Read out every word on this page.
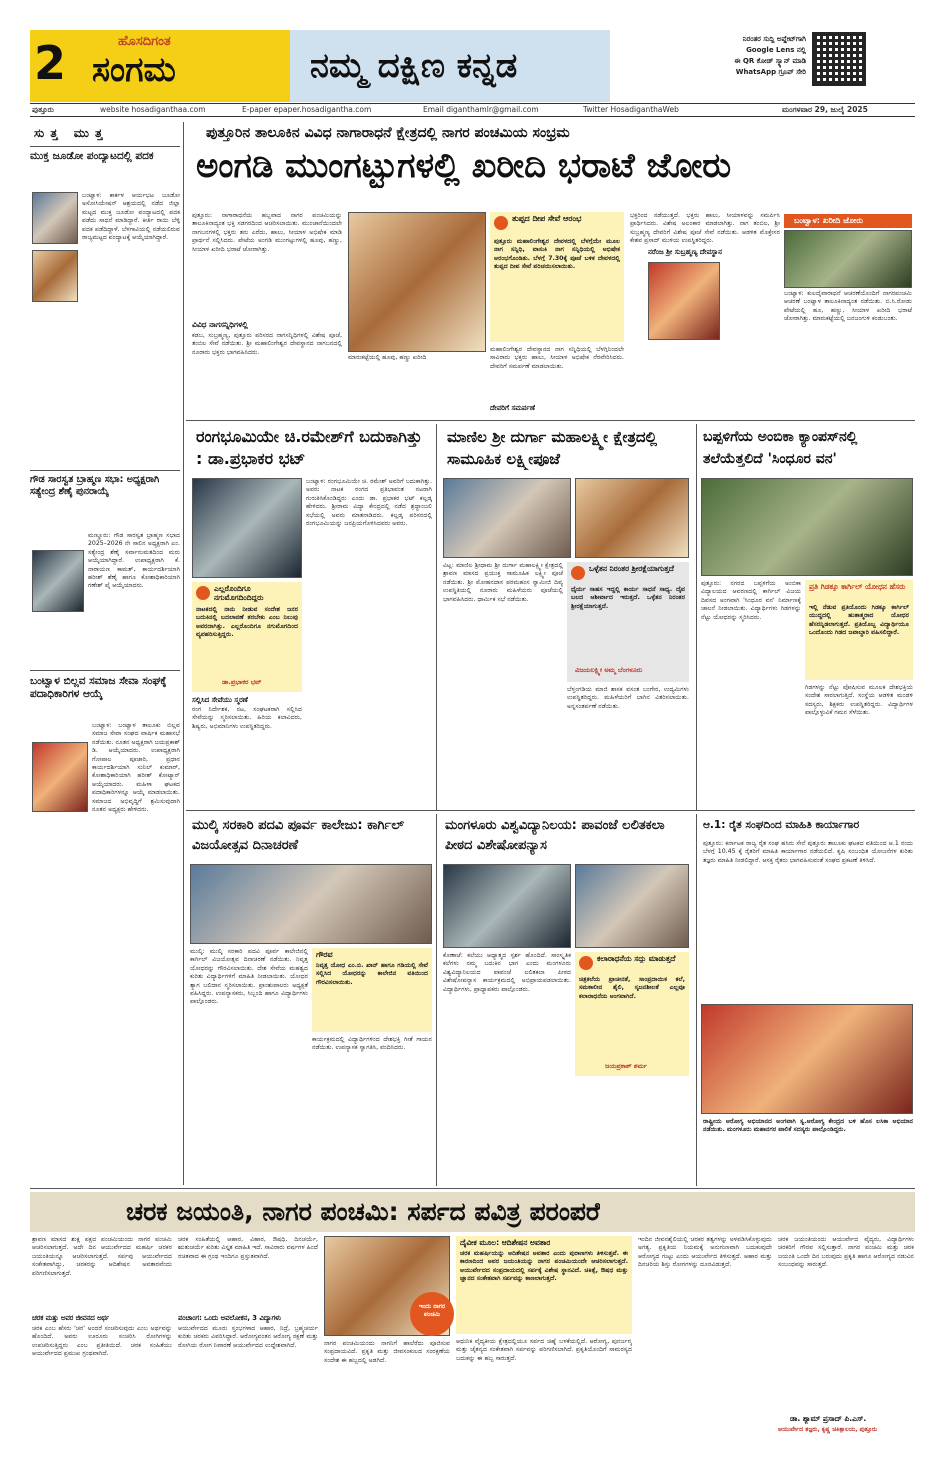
2	ಹೊಸದಿಗಂತ
ಸಂಗಮ	ನಮ್ಮ ದಕ್ಷಿಣ ಕನ್ನಡ
ನಿರಂತರ ಸುದ್ದಿ ಅಪ್ಡೇಟ್‌ಗಾಗಿ
Google Lens ನಲ್ಲಿ
ಈ QR ಕೋಡ್ ಸ್ಕ್ಯಾನ್ ಮಾಡಿ
WhatsApp ಗ್ರೂಪ್ ಸೇರಿ
ಪುತ್ತೂರು	website hosadiganthaa.com	E-paper epaper.hosadigantha.com	Email diganthamlr@gmail.com	Twitter HosadiganthaWeb	ಮಂಗಳವಾರ 29, ಜುಲೈ 2025
ಸುತ್ತ ಮುತ್ತ
ಮುಕ್ತ ಜೂಡೋ ಪಂದ್ಯಾಟದಲ್ಲಿ ಪದಕ
ಬಂಟ್ವಾಳ: ಕಾರ್ಕಳ ಆರ್ಯಭಟ ಜೂಡೋ ಅಸೋಸಿಯೇಷನ್ ಆಶ್ರಯದಲ್ಲಿ ನಡೆದ ಜಿಲ್ಲಾ ಮಟ್ಟದ ಮುಕ್ತ ಜೂಡೋ ಪಂದ್ಯಾಟದಲ್ಲಿ ಪದಕ ಪಡೆದು ಸಾಧನೆ ಮಾಡಿದ್ದಾರೆ. ಕೀರ್ತಿ ರಾಯಿ ಬೆಳ್ಳಿ ಪದಕ ಪಡೆದಿದ್ದಾಳೆ. ಬೆಳಗಾವಿಯಲ್ಲಿ ನಡೆಯಲಿರುವ ರಾಜ್ಯಮಟ್ಟದ ಪಂದ್ಯಾಟಕ್ಕೆ ಆಯ್ಕೆಯಾಗಿದ್ದಾರೆ.
ಗೌಡ ಸಾರಸ್ವತ ಬ್ರಾಹ್ಮಣ ಸಭಾ: ಅಧ್ಯಕ್ಷರಾಗಿ ಸತ್ಯೇಂದ್ರ ಶೆಣೈ ಪುನರಾಯ್ಕೆ
ಮಣ್ಣೂರು: ಗೌಡ ಸಾರಸ್ವತ ಬ್ರಾಹ್ಮಣ ಸಭಾದ 2025–2026 ನೇ ಸಾಲಿನ ಅಧ್ಯಕ್ಷರಾಗಿ ಎಂ. ಸತ್ಯೇಂದ್ರ ಶೆಣೈ ಸರ್ವಾನುಮತದಿಂದ ಮರು ಆಯ್ಕೆಯಾಗಿದ್ದಾರೆ. ಉಪಾಧ್ಯಕ್ಷರಾಗಿ ಕೆ. ನಾರಾಯಣ ಕಾಮತ್, ಕಾರ್ಯದರ್ಶಿಯಾಗಿ ಹರೀಶ್ ಶೆಣೈ ಹಾಗೂ ಕೋಶಾಧಿಕಾರಿಯಾಗಿ ಗಣೇಶ್ ಪೈ ಆಯ್ಕೆಯಾದರು.
ಬಂಟ್ವಾಳ ಬಿಲ್ಲವ ಸಮಾಜ ಸೇವಾ ಸಂಘಕ್ಕೆ ಪದಾಧಿಕಾರಿಗಳ ಆಯ್ಕೆ
ಬಂಟ್ವಾಳ: ಬಂಟ್ವಾಳ ತಾಲೂಕು ಬಿಲ್ಲವ ಸಮಾಜ ಸೇವಾ ಸಂಘದ ವಾರ್ಷಿಕ ಮಹಾಸಭೆ ನಡೆಯಿತು. ನೂತನ ಅಧ್ಯಕ್ಷರಾಗಿ ಜಯಪ್ರಕಾಶ್ ಡಿ. ಆಯ್ಕೆಯಾದರು. ಉಪಾಧ್ಯಕ್ಷರಾಗಿ ಗೋಪಾಲ ಪೂಜಾರಿ, ಪ್ರಧಾನ ಕಾರ್ಯದರ್ಶಿಯಾಗಿ ಸುನಿಲ್ ಕುಮಾರ್, ಕೋಶಾಧಿಕಾರಿಯಾಗಿ ಹರೀಶ್ ಕೋಟ್ಯಾನ್ ಆಯ್ಕೆಯಾದರು. ಮಹಿಳಾ ಘಟಕದ ಪದಾಧಿಕಾರಿಗಳನ್ನೂ ಆಯ್ಕೆ ಮಾಡಲಾಯಿತು. ಸಮಾಜದ ಅಭಿವೃದ್ಧಿಗೆ ಶ್ರಮಿಸುವುದಾಗಿ ನೂತನ ಅಧ್ಯಕ್ಷರು ಹೇಳಿದರು.
ಪುತ್ತೂರಿನ ತಾಲೂಕಿನ ವಿವಿಧ ನಾಗಾರಾಧನೆ ಕ್ಷೇತ್ರದಲ್ಲಿ ನಾಗರ ಪಂಚಮಿಯ ಸಂಭ್ರಮ
ಅಂಗಡಿ ಮುಂಗಟ್ಟುಗಳಲ್ಲಿ ಖರೀದಿ ಭರಾಟೆ ಜೋರು
ಪುತ್ತೂರು: ನಾಗಾರಾಧನೆಯ ಹಬ್ಬವಾದ ನಾಗರ ಪಂಚಮಿಯನ್ನು ತಾಲೂಕಿನಾದ್ಯಂತ ಭಕ್ತಿ ಸಡಗರದಿಂದ ಆಚರಿಸಲಾಯಿತು. ಮುಂಜಾನೆಯಿಂದಲೇ ನಾಗಬನಗಳಲ್ಲಿ ಭಕ್ತರು ತನು ಎರೆದು, ಹಾಲು, ಸೀಯಾಳ ಅಭಿಷೇಕ ಮಾಡಿ ಪ್ರಾರ್ಥನೆ ಸಲ್ಲಿಸಿದರು. ಪೇಟೆಯ ಅಂಗಡಿ ಮುಂಗಟ್ಟುಗಳಲ್ಲಿ ಹೂವು, ಹಣ್ಣು, ಸೀಯಾಳ ಖರೀದಿ ಭರಾಟೆ ಜೋರಾಗಿತ್ತು.
ವಿವಿಧ ನಾಗಸನ್ನಿಧಿಗಳಲ್ಲಿ
ಕಡಬ, ಸುಬ್ರಹ್ಮಣ್ಯ, ಪುತ್ತೂರು ಪರಿಸರದ ನಾಗಸನ್ನಿಧಿಗಳಲ್ಲಿ ವಿಶೇಷ ಪೂಜೆ, ತಂಬಿಲ ಸೇವೆ ನಡೆಯಿತು. ಶ್ರೀ ಮಹಾಲಿಂಗೇಶ್ವರ ದೇವಸ್ಥಾನದ ನಾಗಬನದಲ್ಲಿ ನೂರಾರು ಭಕ್ತರು ಭಾಗವಹಿಸಿದರು.
ಮಾರುಕಟ್ಟೆಯಲ್ಲಿ ಹೂವು, ಹಣ್ಣು ಖರೀದಿ
ತುಪ್ಪದ ದೀಪ ಸೇವೆ ಆರಂಭ
ಪುತ್ತೂರು ಮಹಾಲಿಂಗೇಶ್ವರ ದೇವಳದಲ್ಲಿ ಬೆಳಗ್ಗೆಯೇ ಮೂಲ ನಾಗ ಸನ್ನಿಧಿ, ವಾಸುಕಿ ನಾಗ ಸನ್ನಿಧಿಯಲ್ಲಿ ಅಭಿಷೇಕ ಆರಂಭಗೊಂಡಿತು. ಬೆಳಗ್ಗೆ 7.30ಕ್ಕೆ ಪೂಜೆ ಬಳಿಕ ದೇವಳದಲ್ಲಿ ತುಪ್ಪದ ದೀಪ ಸೇವೆ ಪರಿಚಯಿಸಲಾಯಿತು.
ಮಹಾಲಿಂಗೇಶ್ವರ ದೇವಸ್ಥಾನದ ನಾಗ ಸನ್ನಿಧಿಯಲ್ಲಿ ಬೆಳಗ್ಗಿನಿಂದಲೇ ಸಾವಿರಾರು ಭಕ್ತರು ಹಾಲು, ಸೀಯಾಳ ಅಭಿಷೇಕ ನೆರವೇರಿಸಿದರು. ದೇವರಿಗೆ ಸಮರ್ಪಣೆ ಮಾಡಲಾಯಿತು.
ದೇವರಿಗೆ ಸಮರ್ಪಣೆ
ಭಕ್ತರಿಂದ ನಡೆಯುತ್ತದೆ. ಭಕ್ತರು ಹಾಲು, ಸೀಯಾಳವನ್ನು ಸಮರ್ಪಿಸಿ ಪ್ರಾರ್ಥಿಸಿದರು. ವಿಶೇಷ ಅಲಂಕಾರ ಮಾಡಲಾಗಿತ್ತು. ನಾಗ ತಂಬಿಲ, ಶ್ರೀ ಸುಬ್ರಹ್ಮಣ್ಯ ದೇವರಿಗೆ ವಿಶೇಷ ಪೂಜೆ ಸೇವೆ ನಡೆಯಿತು. ಆಡಳಿತ ಮೊಕ್ತೇಸರ ಕೇಶವ ಪ್ರಸಾದ್ ಮುಳಿಯ ಉಪಸ್ಥಿತರಿದ್ದರು.
ನರೆಂಜ ಶ್ರೀ ಸುಬ್ರಹ್ಮಣ್ಯ ದೇವಸ್ಥಾನ
ಬಂಟ್ವಾಳ: ಖರೀದಿ ಜೋರು
ಬಂಟ್ವಾಳ: ಕುಲದೈವಾರಾಧನೆ ಆಚರಣೆಯೊಂದಿಗೆ ನಾಗರಪಂಚಮಿ ಆಚರಣೆ ಬಂಟ್ವಾಳ ತಾಲೂಕಿನಾದ್ಯಂತ ನಡೆಯಿತು. ಬಿ.ಸಿ.ರೋಡು ಪೇಟೆಯಲ್ಲಿ ಹೂ, ಹಣ್ಣು, ಸೀಯಾಳ ಖರೀದಿ ಭರಾಟೆ ಜೋರಾಗಿತ್ತು. ಮಾರುಕಟ್ಟೆಯಲ್ಲಿ ಜನಜಂಗುಳಿ ಕಂಡುಬಂತು.
ರಂಗಭೂಮಿಯೇ ಚಿ.ರಮೇಶ್‌ಗೆ ಬದುಕಾಗಿತ್ತು : ಡಾ.ಪ್ರಭಾಕರ ಭಟ್
ಬಂಟ್ವಾಳ: ರಂಗಭೂಮಿಯೇ ಚಿ. ರಮೇಶ್ ಅವರಿಗೆ ಬದುಕಾಗಿತ್ತು. ಅವರು ನಾಟಕ ರಂಗದ ಪ್ರತಿಭಾವಂತ ನಟರಾಗಿ ಗುರುತಿಸಿಕೊಂಡಿದ್ದರು ಎಂದು ಡಾ. ಪ್ರಭಾಕರ ಭಟ್ ಕಲ್ಲಡ್ಕ ಹೇಳಿದರು. ಶ್ರೀರಾಮ ವಿದ್ಯಾ ಕೇಂದ್ರದಲ್ಲಿ ನಡೆದ ಶ್ರದ್ಧಾಂಜಲಿ ಸಭೆಯಲ್ಲಿ ಅವರು ಮಾತನಾಡಿದರು. ಕಲ್ಲಡ್ಕ ಪರಿಸರದಲ್ಲಿ ರಂಗಭೂಮಿಯನ್ನು ಜನಪ್ರಿಯಗೊಳಿಸಿದವರು ಅವರು.
ಎಲ್ಲರೊಂದಿಗೂ ನಗುಮೊಗದಿಂದಿದ್ದರು
ನಾಟಕದಲ್ಲಿ ನಾನು ನೀಡುವ ಸಂದೇಶ ಜನರ ಬದುಕಿನಲ್ಲಿ ಬದಲಾವಣೆ ತರಬೇಕು ಎಂಬ ನಿಲುವು ಅವರದಾಗಿತ್ತು. ಎಲ್ಲರೊಂದಿಗೂ ನಗುಮೊಗದಿಂದ ವ್ಯವಹರಿಸುತ್ತಿದ್ದರು.
ಡಾ.ಪ್ರಭಾಕರ ಭಟ್
ಸಲ್ಲಿಸಿದ ಸೇವೆಯು ಸ್ಮರಣೆ
ರಂಗ ನಿರ್ದೇಶಕ, ನಟ, ಸಂಘಟಕರಾಗಿ ಸಲ್ಲಿಸಿದ ಸೇವೆಯನ್ನು ಸ್ಮರಿಸಲಾಯಿತು. ಹಿರಿಯ ಕಲಾವಿದರು, ಶಿಷ್ಯರು, ಅಭಿಮಾನಿಗಳು ಉಪಸ್ಥಿತರಿದ್ದರು.
ಮಾಣಿಲ ಶ್ರೀ ದುರ್ಗಾ ಮಹಾಲಕ್ಷ್ಮೀ ಕ್ಷೇತ್ರದಲ್ಲಿ ಸಾಮೂಹಿಕ ಲಕ್ಷ್ಮೀಪೂಜೆ
ವಿಟ್ಲ: ಮಾಣಿಲ ಶ್ರೀಧಾಮ ಶ್ರೀ ದುರ್ಗಾ ಮಹಾಲಕ್ಷ್ಮೀ ಕ್ಷೇತ್ರದಲ್ಲಿ ಶ್ರಾವಣ ಮಾಸದ ಪ್ರಯುಕ್ತ ಸಾಮೂಹಿಕ ಲಕ್ಷ್ಮೀ ಪೂಜೆ ನಡೆಯಿತು. ಶ್ರೀ ಮೋಹನದಾಸ ಪರಮಹಂಸ ಸ್ವಾಮೀಜಿ ದಿವ್ಯ ಉಪಸ್ಥಿತಿಯಲ್ಲಿ ನೂರಾರು ಮಹಿಳೆಯರು ಪೂಜೆಯಲ್ಲಿ ಭಾಗವಹಿಸಿದರು. ಧಾರ್ಮಿಕ ಸಭೆ ನಡೆಯಿತು.
ಒಳ್ಳೆತನ ನಿರಂತರ ಶ್ರೀರಕ್ಷೆಯಾಗುತ್ತದೆ
ಧೈರ್ಯ ಸಾಹಸ ಇದ್ದಲ್ಲಿ ಕಾರ್ಯ ಸಾಧನೆ ಸಾಧ್ಯ. ದೈವ ಬಲದ ಆಶೀರ್ವಾದ ಇರುತ್ತದೆ. ಒಳ್ಳೆತನ ನಿರಂತರ ಶ್ರೀರಕ್ಷೆಯಾಗುತ್ತದೆ.
ವಿಜಯಲಕ್ಷ್ಮೀ ಅಮ್ಮ ಬೆಂಗಳೂರು
ಬೆಳ್ತಂಗಡಿಯ ಮಾಜಿ ಶಾಸಕ ವಸಂತ ಬಂಗೇರ, ಉದ್ಯಮಿಗಳು ಉಪಸ್ಥಿತರಿದ್ದರು. ಮಹಿಳೆಯರಿಗೆ ಬಾಗಿನ ವಿತರಿಸಲಾಯಿತು. ಅನ್ನಸಂತರ್ಪಣೆ ನಡೆಯಿತು.
ಬಪ್ಪಳಿಗೆಯ ಅಂಬಿಕಾ ಕ್ಯಾಂಪಸ್‌ನಲ್ಲಿ ತಲೆಯೆತ್ತಲಿದೆ 'ಸಿಂಧೂರ ವನ'
ಪುತ್ತೂರು: ನಗರದ ಬಪ್ಪಳಿಗೆಯ ಅಂಬಿಕಾ ವಿದ್ಯಾಲಯದ ಆವರಣದಲ್ಲಿ ಕಾರ್ಗಿಲ್ ವಿಜಯ ದಿವಸದ ಅಂಗವಾಗಿ 'ಸಿಂಧೂರ ವನ' ನಿರ್ಮಾಣಕ್ಕೆ ಚಾಲನೆ ನೀಡಲಾಯಿತು. ವಿದ್ಯಾರ್ಥಿಗಳು ಗಿಡಗಳನ್ನು ನೆಟ್ಟು ಯೋಧರನ್ನು ಸ್ಮರಿಸಿದರು.
ಪ್ರತಿ ಗಿಡಕ್ಕೂ ಕಾರ್ಗಿಲ್ ಯೋಧನ ಹೆಸರು
ಇಲ್ಲಿ ನೆಡುವ ಪ್ರತಿಯೊಂದು ಗಿಡಕ್ಕೂ ಕಾರ್ಗಿಲ್ ಯುದ್ಧದಲ್ಲಿ ಹುತಾತ್ಮರಾದ ಯೋಧರ ಹೆಸರನ್ನಿಡಲಾಗುತ್ತದೆ. ಪ್ರತಿಯೊಬ್ಬ ವಿದ್ಯಾರ್ಥಿಯೂ ಒಂದೊಂದು ಗಿಡದ ಜವಾಬ್ದಾರಿ ವಹಿಸಲಿದ್ದಾರೆ.
ಗಿಡಗಳನ್ನು ನೆಟ್ಟು ಪೋಷಿಸುವ ಮೂಲಕ ದೇಶಭಕ್ತಿಯ ಸಂದೇಶ ಸಾರಲಾಗುತ್ತಿದೆ. ಸಂಸ್ಥೆಯ ಆಡಳಿತ ಮಂಡಳಿ ಸದಸ್ಯರು, ಶಿಕ್ಷಕರು ಉಪಸ್ಥಿತರಿದ್ದರು. ವಿದ್ಯಾರ್ಥಿಗಳ ಪಾಲ್ಗೊಳ್ಳುವಿಕೆ ಗಮನ ಸೆಳೆಯಿತು.
ಮುಲ್ಕಿ ಸರಕಾರಿ ಪದವಿ ಪೂರ್ವ ಕಾಲೇಜು: ಕಾರ್ಗಿಲ್ ವಿಜಯೋತ್ಸವ ದಿನಾಚರಣೆ
ಮುಲ್ಕಿ: ಮುಲ್ಕಿ ಸರಕಾರಿ ಪದವಿ ಪೂರ್ವ ಕಾಲೇಜಿನಲ್ಲಿ ಕಾರ್ಗಿಲ್ ವಿಜಯೋತ್ಸವ ದಿನಾಚರಣೆ ನಡೆಯಿತು. ನಿವೃತ್ತ ಯೋಧರನ್ನು ಗೌರವಿಸಲಾಯಿತು. ದೇಶ ಸೇವೆಯ ಮಹತ್ವದ ಕುರಿತು ವಿದ್ಯಾರ್ಥಿಗಳಿಗೆ ಮಾಹಿತಿ ನೀಡಲಾಯಿತು. ಯೋಧರ ತ್ಯಾಗ ಬಲಿದಾನ ಸ್ಮರಿಸಲಾಯಿತು. ಪ್ರಾಂಶುಪಾಲರು ಅಧ್ಯಕ್ಷತೆ ವಹಿಸಿದ್ದರು. ಉಪನ್ಯಾಸಕರು, ಸಿಬ್ಬಂದಿ ಹಾಗೂ ವಿದ್ಯಾರ್ಥಿಗಳು ಪಾಲ್ಗೊಂಡರು.
ಗೌರವ
ನಿವೃತ್ತ ಯೋಧ ಎಂ.ಬಿ. ಖಾನ್ ಹಾಗೂ ಗಡಿಯಲ್ಲಿ ಸೇವೆ ಸಲ್ಲಿಸಿದ ಯೋಧರನ್ನು ಕಾಲೇಜಿನ ವತಿಯಿಂದ ಗೌರವಿಸಲಾಯಿತು.
ಕಾರ್ಯಕ್ರಮದಲ್ಲಿ ವಿದ್ಯಾರ್ಥಿಗಳಿಂದ ದೇಶಭಕ್ತಿ ಗೀತೆ ಗಾಯನ ನಡೆಯಿತು. ಉಪನ್ಯಾಸಕ ಸ್ವಾಗತಿಸಿ, ವಂದಿಸಿದರು.
ಮಂಗಳೂರು ವಿಶ್ವವಿದ್ಯಾನಿಲಯ: ಪಾವಂಜೆ ಲಲಿತಕಲಾ ಪೀಠದ ವಿಶೇಷೋಪನ್ಯಾಸ
ಕೊಣಾಜೆ: ಕಲೆಯು ಆಧ್ಯಾತ್ಮದ ಸ್ಪರ್ಶ ಹೊಂದಿದೆ. ಸಾಂಸ್ಕೃತಿಕ ಕಲೆಗಳು ನಮ್ಮ ಬದುಕಿನ ಭಾಗ ಎಂದು ಮಂಗಳೂರು ವಿಶ್ವವಿದ್ಯಾನಿಲಯದ ಪಾವಂಜೆ ಲಲಿತಕಲಾ ಪೀಠದ ವಿಶೇಷೋಪನ್ಯಾಸ ಕಾರ್ಯಕ್ರಮದಲ್ಲಿ ಅಭಿಪ್ರಾಯಪಡಲಾಯಿತು. ವಿದ್ಯಾರ್ಥಿಗಳು, ಪ್ರಾಧ್ಯಾಪಕರು ಪಾಲ್ಗೊಂಡರು.
ಕಲಾರಾಧನೆಯ ಸದ್ದು ಮಾಡುತ್ತದೆ
ಚಿತ್ರಕಲೆಯ ಪ್ರಾಚೀನತೆ, ಸಾಂಪ್ರದಾಯಿಕ ಕಲೆ, ಸಮಕಾಲೀನ ಶೈಲಿ, ಸೃಜನಶೀಲತೆ ಎಲ್ಲವೂ ಕಲಾರಾಧನೆಯ ಅಂಗವಾಗಿದೆ.
ಜಯಪ್ರಕಾಶ್ ಶರ್ಮ
ಆ.1: ರೈತ ಸಂಘದಿಂದ ಮಾಹಿತಿ ಕಾರ್ಯಾಗಾರ
ಪುತ್ತೂರು: ಕರ್ನಾಟಕ ರಾಜ್ಯ ರೈತ ಸಂಘ ಹಸಿರು ಸೇನೆ ಪುತ್ತೂರು ತಾಲೂಕು ಘಟಕದ ವತಿಯಿಂದ ಆ.1 ರಂದು ಬೆಳಗ್ಗೆ 10.45 ಕ್ಕೆ ರೈತರಿಗೆ ಮಾಹಿತಿ ಕಾರ್ಯಾಗಾರ ನಡೆಯಲಿದೆ. ಕೃಷಿ ಸಂಬಂಧಿತ ಯೋಜನೆಗಳ ಕುರಿತು ತಜ್ಞರು ಮಾಹಿತಿ ನೀಡಲಿದ್ದಾರೆ. ಆಸಕ್ತ ರೈತರು ಭಾಗವಹಿಸುವಂತೆ ಸಂಘದ ಪ್ರಕಟಣೆ ತಿಳಿಸಿದೆ.
ರಾಷ್ಟ್ರೀಯ ಆರೋಗ್ಯ ಅಭಿಯಾನದ ಅಂಗವಾಗಿ ಸ್ವ.ಆರೋಗ್ಯ ಕೇಂದ್ರದ ಬಳಿ ಹೊಸ ಲಸಿಕಾ ಅಭಿಯಾನ ನಡೆಯಿತು. ಮಂಗಳೂರು ಮಹಾನಗರ ಪಾಲಿಕೆ ಸದಸ್ಯರು ಪಾಲ್ಗೊಂಡಿದ್ದರು.
ಚರಕ ಜಯಂತಿ, ನಾಗರ ಪಂಚಮಿ: ಸರ್ಪದ ಪವಿತ್ರ ಪರಂಪರೆ
ಶ್ರಾವಣ ಮಾಸದ ಶುಕ್ಲ ಪಕ್ಷದ ಪಂಚಮಿಯಂದು ನಾಗರ ಪಂಚಮಿ ಆಚರಿಸಲಾಗುತ್ತದೆ. ಅದೇ ದಿನ ಆಯುರ್ವೇದದ ಮಹರ್ಷಿ ಚರಕರ ಜಯಂತಿಯನ್ನೂ ಆಚರಿಸಲಾಗುತ್ತದೆ. ಸರ್ಪವು ಆಯುರ್ವೇದದ ಸಂಕೇತವಾಗಿದ್ದು, ಚರಕರನ್ನು ಆದಿಶೇಷನ ಅವತಾರವೆಂದು ಪರಿಗಣಿಸಲಾಗುತ್ತದೆ.
ಚರಕ ಮತ್ತು ಅವರ ಜೀವನದ ಅರ್ಥ
ಚರಕ ಎಂಬ ಹೆಸರು 'ಚರ' ಅಂದರೆ ಸಂಚರಿಸುವುದು ಎಂಬ ಅರ್ಥವನ್ನು ಹೊಂದಿದೆ. ಅವರು ಊರೂರು ಸಂಚರಿಸಿ ರೋಗಿಗಳನ್ನು ಉಪಚರಿಸುತ್ತಿದ್ದರು ಎಂಬ ಪ್ರತೀತಿಯಿದೆ. ಚರಕ ಸಂಹಿತೆಯು ಆಯುರ್ವೇದದ ಪ್ರಮುಖ ಗ್ರಂಥವಾಗಿದೆ.
ಚರಕ ಸಂಹಿತೆಯಲ್ಲಿ ಆಹಾರ, ವಿಹಾರ, ಔಷಧಿ, ದಿನಚರ್ಯೆ, ಋತುಚರ್ಯೆ ಕುರಿತು ವಿಸ್ತೃತ ಮಾಹಿತಿ ಇದೆ. ಸಾವಿರಾರು ವರ್ಷಗಳ ಹಿಂದೆ ರಚಿತವಾದ ಈ ಗ್ರಂಥ ಇಂದಿಗೂ ಪ್ರಸ್ತುತವಾಗಿದೆ.
ಪಂಚಾಂಗ: ಒಂದು ಅವಲೋಕನ, 3 ವಿದ್ಯಾಗಳು
ಆಯುರ್ವೇದದ ಮೂರು ಸ್ತಂಭಗಳಾದ ಆಹಾರ, ನಿದ್ರೆ, ಬ್ರಹ್ಮಚರ್ಯ ಕುರಿತು ಚರಕರು ವಿವರಿಸಿದ್ದಾರೆ. ಆರೋಗ್ಯವಂತನ ಆರೋಗ್ಯ ರಕ್ಷಣೆ ಮತ್ತು ರೋಗಿಯ ರೋಗ ನಿವಾರಣೆ ಆಯುರ್ವೇದದ ಉದ್ದೇಶವಾಗಿದೆ.
ಇಂದು ನಾಗರ ಪಂಚಮಿ
ನಾಗರ ಪಂಚಮಿಯಂದು ನಾಗನಿಗೆ ಹಾಲೆರೆದು ಪೂಜಿಸುವ ಸಂಪ್ರದಾಯವಿದೆ. ಪ್ರಕೃತಿ ಮತ್ತು ಜೀವಸಂಕುಲದ ಸಂರಕ್ಷಣೆಯ ಸಂದೇಶ ಈ ಹಬ್ಬದಲ್ಲಿ ಅಡಗಿದೆ.
ದೈವೀಕ ಮೂಲ: ಆದಿಶೇಷನ ಅವತಾರ
ಚರಕ ಮಹರ್ಷಿಯನ್ನು ಆದಿಶೇಷನ ಅವತಾರ ಎಂದು ಪುರಾಣಗಳು ತಿಳಿಸುತ್ತವೆ. ಈ ಕಾರಣದಿಂದ ಅವರ ಜಯಂತಿಯನ್ನು ನಾಗರ ಪಂಚಮಿಯಂದೇ ಆಚರಿಸಲಾಗುತ್ತದೆ. ಆಯುರ್ವೇದದ ಸಂಪ್ರದಾಯದಲ್ಲಿ ಸರ್ಪಕ್ಕೆ ವಿಶೇಷ ಸ್ಥಾನವಿದೆ. ಚಿಕಿತ್ಸೆ, ಔಷಧ ಮತ್ತು ಜ್ಞಾನದ ಸಂಕೇತವಾಗಿ ಸರ್ಪವನ್ನು ಕಾಣಲಾಗುತ್ತದೆ.
ಆಧುನಿಕ ವೈದ್ಯಕೀಯ ಕ್ಷೇತ್ರದಲ್ಲಿಯೂ ಸರ್ಪದ ಚಿಹ್ನೆ ಬಳಕೆಯಲ್ಲಿದೆ. ಆರೋಗ್ಯ, ಪುನರ್ಜನ್ಮ ಮತ್ತು ಚೈತನ್ಯದ ಸಂಕೇತವಾಗಿ ಸರ್ಪವನ್ನು ಪರಿಗಣಿಸಲಾಗಿದೆ. ಪ್ರಕೃತಿಯೊಂದಿಗೆ ಸಾಮರಸ್ಯದ ಬದುಕನ್ನು ಈ ಹಬ್ಬ ಸಾರುತ್ತದೆ.
ಇಂದಿನ ಜೀವನಶೈಲಿಯಲ್ಲಿ ಚರಕರ ತತ್ವಗಳನ್ನು ಅಳವಡಿಸಿಕೊಳ್ಳುವುದು ಅಗತ್ಯ. ಪ್ರಕೃತಿಯ ನಿಯಮಕ್ಕೆ ಅನುಗುಣವಾಗಿ ಬದುಕುವುದೇ ಆರೋಗ್ಯದ ಗುಟ್ಟು ಎಂದು ಆಯುರ್ವೇದ ತಿಳಿಸುತ್ತದೆ. ಆಹಾರ ಮತ್ತು ದಿನಚರಿಯ ಶಿಸ್ತು ರೋಗಗಳನ್ನು ದೂರವಿಡುತ್ತದೆ.
ಚರಕ ಜಯಂತಿಯಂದು ಆಯುರ್ವೇದ ವೈದ್ಯರು, ವಿದ್ಯಾರ್ಥಿಗಳು ಚರಕರಿಗೆ ಗೌರವ ಸಲ್ಲಿಸುತ್ತಾರೆ. ನಾಗರ ಪಂಚಮಿ ಮತ್ತು ಚರಕ ಜಯಂತಿ ಒಂದೇ ದಿನ ಬರುವುದು ಪ್ರಕೃತಿ ಹಾಗೂ ಆರೋಗ್ಯದ ನಡುವಿನ ಸಂಬಂಧವನ್ನು ಸಾರುತ್ತದೆ.
ಡಾ. ಶ್ಯಾಮ್ ಪ್ರಸಾದ್ ಪಿ.ಎಸ್.
ಆಯುರ್ವೇದ ತಜ್ಞರು, ಕೃಷ್ಣ ಚಿಕಿತ್ಸಾಲಯ, ಪುತ್ತೂರು
